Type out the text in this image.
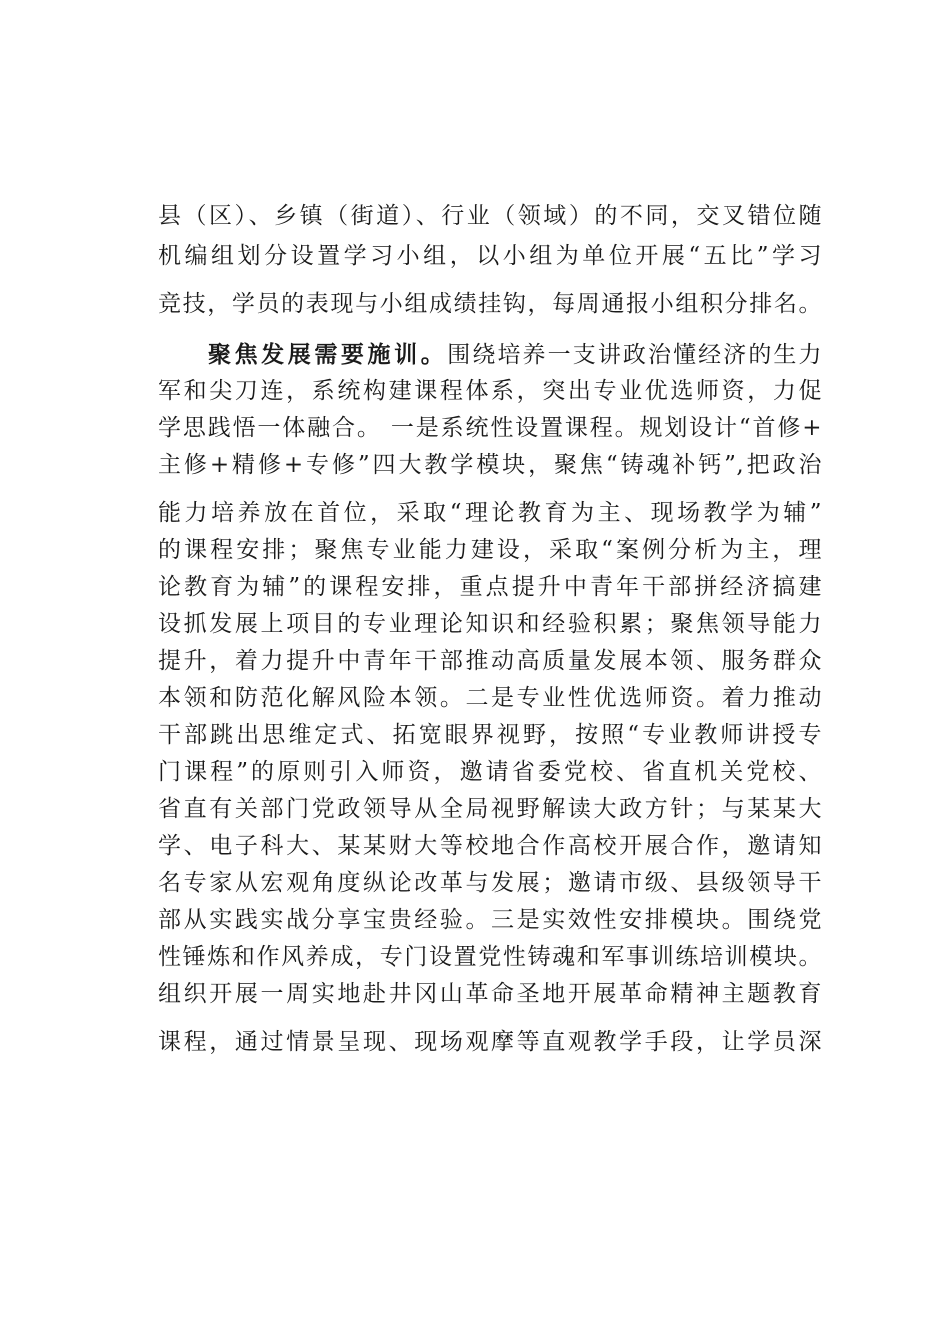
县（区）、乡镇（街道）、行业（领域）的不同，交叉错位随
机编组划分设置学习小组，以小组为单位开展“五比”学习
竞技，学员的表现与小组成绩挂钩，每周通报小组积分排名。
聚焦发展需要施训。围绕培养一支讲政治懂经济的生力
军和尖刀连，系统构建课程体系，突出专业优选师资，力促
学思践悟一体融合。 一是系统性设置课程。规划设计“首修+
主修+精修+专修”四大教学模块，聚焦“铸魂补钙”,把政治
能力培养放在首位，采取“理论教育为主、现场教学为辅”
的课程安排；聚焦专业能力建设，采取“案例分析为主，理
论教育为辅”的课程安排，重点提升中青年干部拼经济搞建
设抓发展上项目的专业理论知识和经验积累；聚焦领导能力
提升，着力提升中青年干部推动高质量发展本领、服务群众
本领和防范化解风险本领。二是专业性优选师资。着力推动
干部跳出思维定式、拓宽眼界视野，按照“专业教师讲授专
门课程”的原则引入师资，邀请省委党校、省直机关党校、
省直有关部门党政领导从全局视野解读大政方针；与某某大
学、电子科大、某某财大等校地合作高校开展合作，邀请知
名专家从宏观角度纵论改革与发展；邀请市级、县级领导干
部从实践实战分享宝贵经验。三是实效性安排模块。围绕党
性锤炼和作风养成，专门设置党性铸魂和军事训练培训模块。
组织开展一周实地赴井冈山革命圣地开展革命精神主题教育
课程，通过情景呈现、现场观摩等直观教学手段，让学员深
